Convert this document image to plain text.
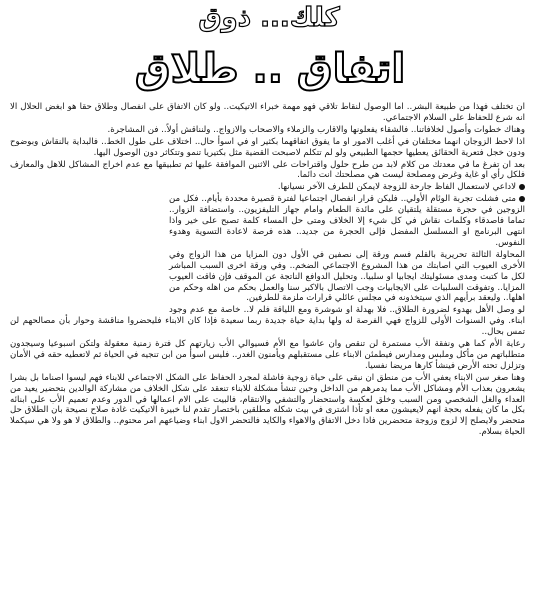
كلك... ذوق
اتفاق .. طلاق

ان تختلف فهذا من طبيعة البشر.. اما الوصول لنقاط تلاقي فهو مهمة خبراء الاتيكيت.. ولو كان الاتفاق على انفصال وطلاق حقا هو ابغض الحلال الا انه شرع للحفاظ على السلام الاجتماعي.

وهناك خطوات وأصول لخلافاتنا.. فالشقاء يفعلونها والاقارب والزملاء والاصحاب والازواج.. ولنناقش أولاً.. فن المشاجرة.

اذا لاحظ الزوجان انهما مختلفان في أغلب الامور او ما يفوق اتفاقهما بكثير او في اسوأ حال.. اختلاف على طول الخط.. فالبداية بالنقاش وبوضوح ودون خجل فتعرية الحقائق يعطيها حجمها الطبيعي ولو لم تتكلم لاصبحت القضية مثل بكتيريا تنمو وتتكاثر دون الوصول اليها.

بعد ان تفرغ ما في معدتك من كلام لابد من طرح حلول واقتراحات على الاثنين الموافقة عليها ثم تطبيقها مع عدم اخراج المشاكل للاهل والمعارف فلكل رأي او غاية وغرض ومصلحة ليست هي مصلحتك انت دائما.

لاداعي لاستعمال الفاظ جارحة للزوجة لايمكن للطرف الآخر نسيانها.

متى فشلت تجربة الوئام الأولي.. فليكن قرار انفصال اجتماعيا لفترة قصيرة محددة بأيام.. فكل من الزوجين في حجرة مستقلة يلتقيان على مائدة الطعام وامام جهاز التليفزيون.. واستضافة الزوار.. تماما فاصدقاء وكلمات نقاش في كل شيء إلا الخلاف ومتى حل المساء كلمة تصبح على خير واذا انتهى البرنامج او المسلسل المفضل فإلى الحجرة من جديد.. هذه فرصة لاعادة التسوية وهدوء النفوس.

المحاولة الثالثة تحريرية بالقلم فسم ورقة إلى نصفين في الأول دون المزايا من هذا الزواج وفي الأخرى العيوب التي اصابتك من هذا المشروع الاجتماعي الضخم.. وفي ورقة اخرى السبب المباشر لكل ما كتبت ومدى مسئوليتك ايجابيا او سلبيا.. وتحليل الدوافع الناتجة عن الموقف فإن فاقت العيوب المزايا.. وتفوقت السلبيات على الايجابيات وجب الاتصال بالاكبر سنا والعمل بحكم من اهله وحكم من اهلها.. وليعقد برأيهم الذي سيتخذونه في مجلس عائلي قرارات ملزمة للطرفين.

لو وصل الأهل بهدوء لضرورة الطلاق.. فلا بهدلة او شوشرة ومع اللياقة فلم لا.. خاصة مع عدم وجود ابناء. وفي السنوات الأولى للزواج فهي الفرصة له ولها بداية حياة جديدة ربما سعيدة فإذا كان الابناء فليحضروا مناقشة وحوار بأن مصالحهم لن تمس بحال..

رعاية الأم كما هي ونفقة الأب مستمرة لن تنقص وان عاشوا مع الأم فسيوالي الأب زيارتهم كل فترة زمنية معقولة ولتكن اسبوعيا وسيجدون متطلباتهم من مأكل وملبس ومدارس فيطمئن الابناء على مستقبلهم ويأمنون الغدر.. فليس اسوأ من ابن تنجيه في الحياة ثم لاتعطيه حقه في الأمان وتزلزل تحته الأرض فينشأ كارها مريضا نفسيا.

وهنا صغر سن الابناء يعفي الأب من منطق ان نبقى على حياة زوجية فاشلة لمجرد الحفاظ على الشكل الاجتماعي للابناء فهم ليسوا اصناما بل بشرا يشعرون بعذاب الأم ومشاكل الأب مما يدمرهم من الداخل وحين تنشأ مشكلة للابناء تنعقد على شكل الخلاف من مشاركة الوالدين بتحضير يعيد من العداء والغل الشخصي ومن السبب وخلق لعكسة واستحضار والتشفي والانتقام، فالبيت على الام اعمالها في الدور وعدم تعميم الأب على ابنائه بكل ما كان يفعله بحجة انهم لايعيشون معه او تأذا اشترى في بيت شكله مطلقين باختصار تقدم لنا خبيرة الاتيكيت غادة صلاح نصيحة بان الطلاق حل متحضر ولايصلح إلا لزوج وزوجة متحضرين فاذا دخل الاتفاق والاهواء والكايد فالتحضر الاول ابناء وضياعهم امر محتوم.. والطلاق لا هو ولا هي سيكملا الحياة بسلام.
